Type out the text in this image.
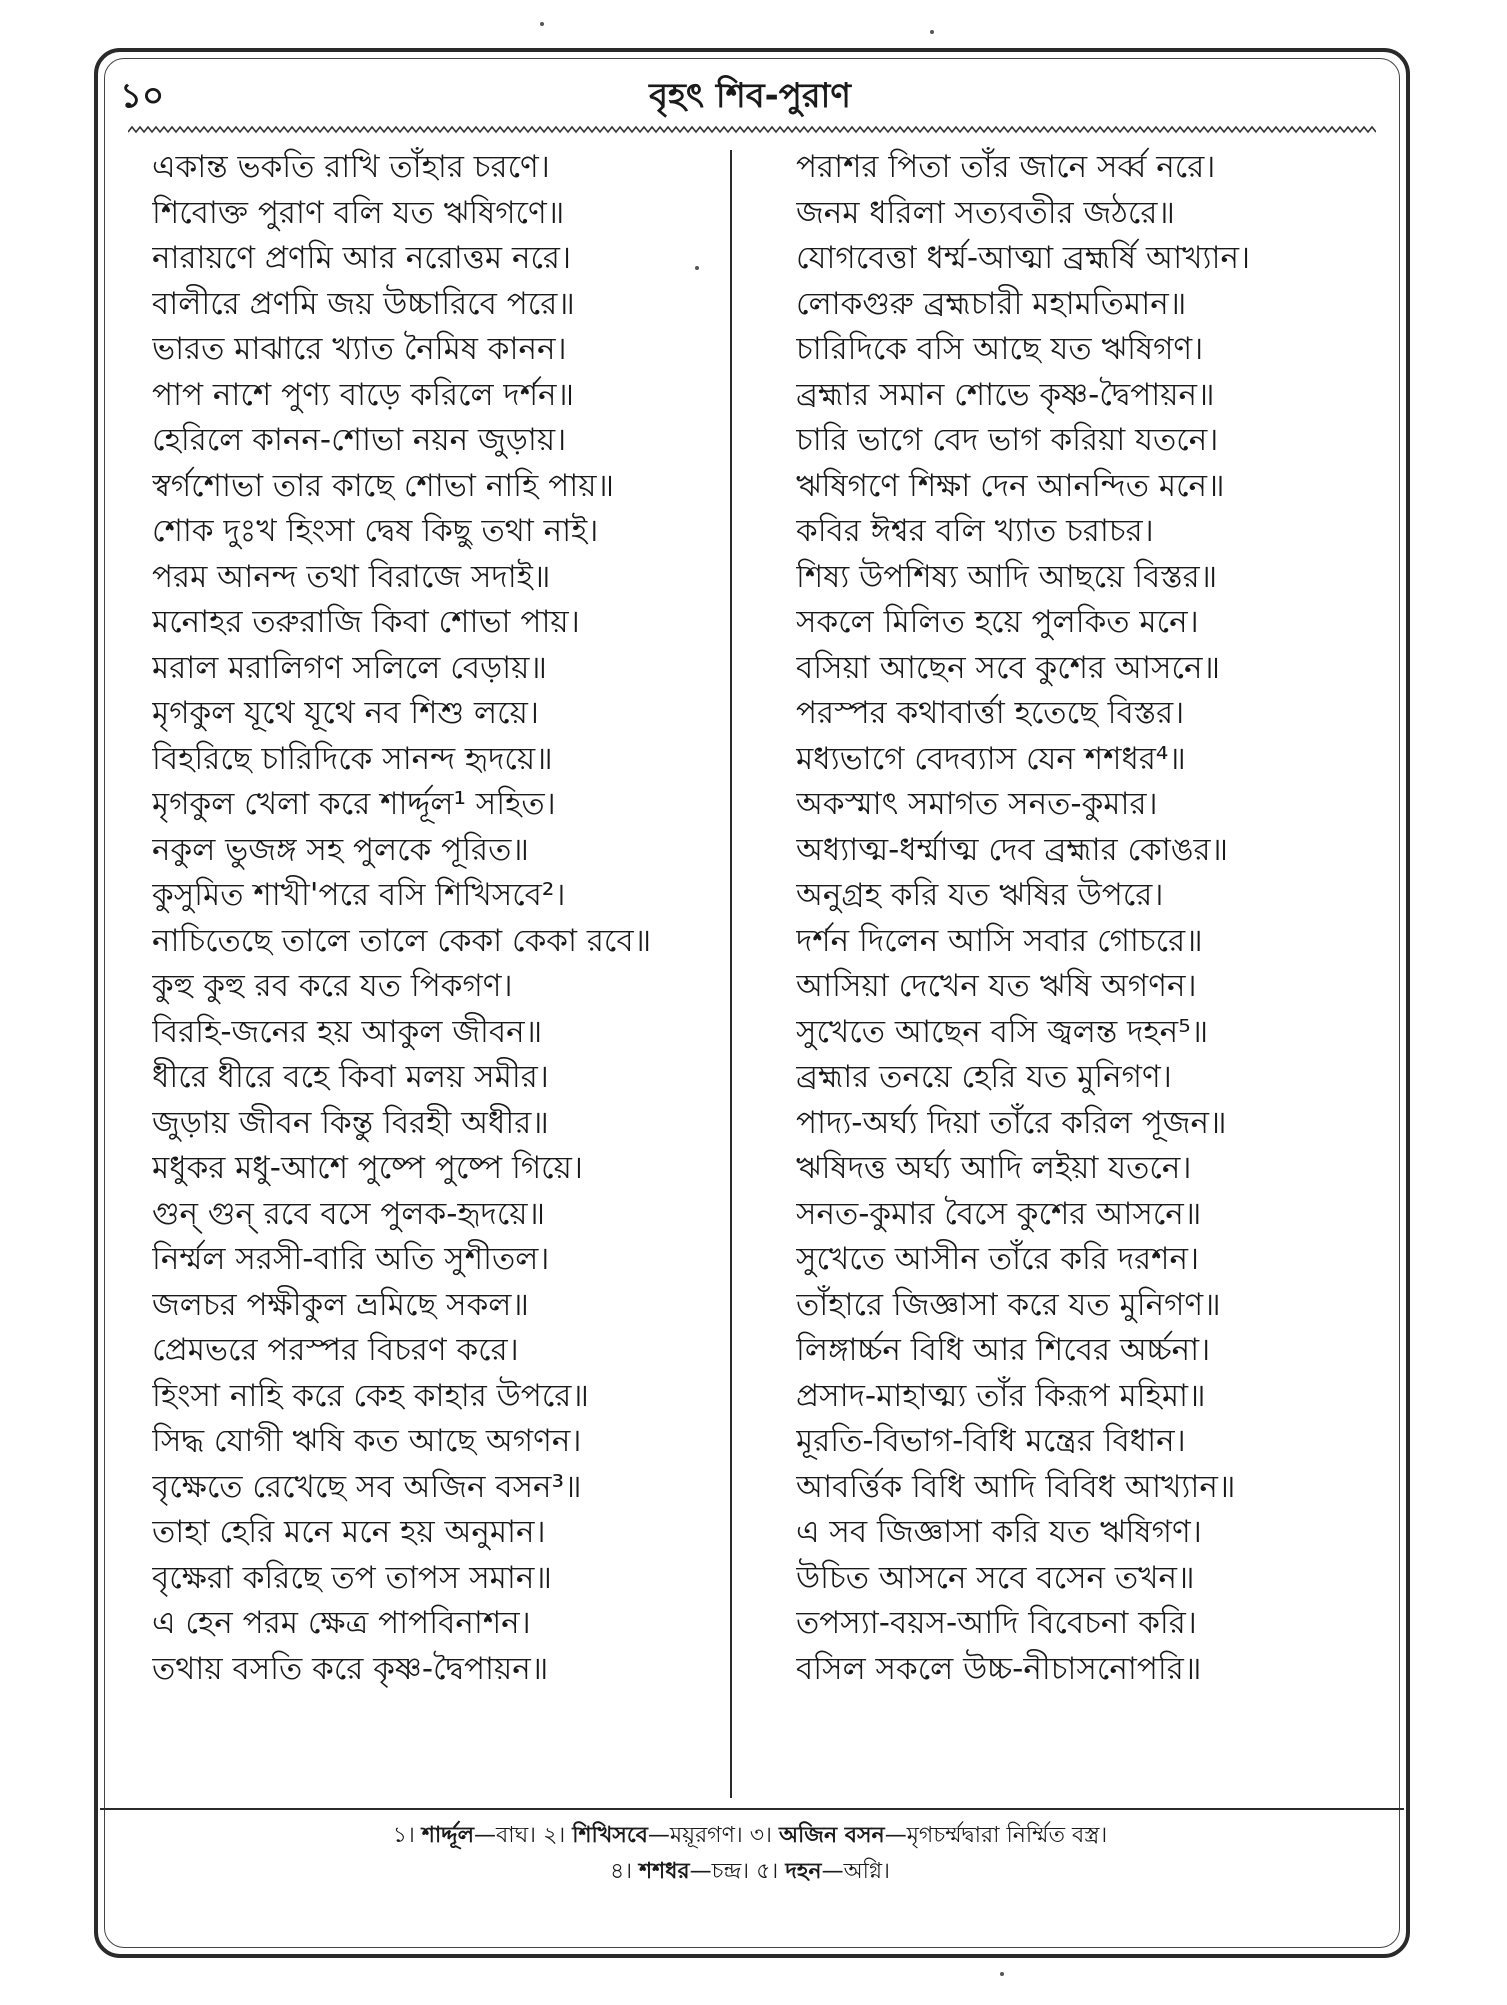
১০	বৃহৎ শিব-পুরাণ
একান্ত ভকতি রাখি তাঁহার চরণে।
শিবোক্ত পুরাণ বলি যত ঋষিগণে॥
নারায়ণে প্রণমি আর নরোত্তম নরে।
বালীরে প্রণমি জয় উচ্চারিবে পরে॥
ভারত মাঝারে খ্যাত নৈমিষ কানন।
পাপ নাশে পুণ্য বাড়ে করিলে দর্শন॥
হেরিলে কানন-শোভা নয়ন জুড়ায়।
স্বর্গশোভা তার কাছে শোভা নাহি পায়॥
শোক দুঃখ হিংসা দ্বেষ কিছু তথা নাই।
পরম আনন্দ তথা বিরাজে সদাই॥
মনোহর তরুরাজি কিবা শোভা পায়।
মরাল মরালিগণ সলিলে বেড়ায়॥
মৃগকুল যূথে যূথে নব শিশু লয়ে।
বিহরিছে চারিদিকে সানন্দ হৃদয়ে॥
মৃগকুল খেলা করে শার্দ্দূল¹ সহিত।
নকুল ভুজঙ্গ সহ পুলকে পূরিত॥
কুসুমিত শাখী'পরে বসি শিখিসবে²।
নাচিতেছে তালে তালে কেকা কেকা রবে॥
কুহু কুহু রব করে যত পিকগণ।
বিরহি-জনের হয় আকুল জীবন॥
ধীরে ধীরে বহে কিবা মলয় সমীর।
জুড়ায় জীবন কিন্তু বিরহী অধীর॥
মধুকর মধু-আশে পুষ্পে পুষ্পে গিয়ে।
গুন্ গুন্ রবে বসে পুলক-হৃদয়ে॥
নির্ম্মল সরসী-বারি অতি সুশীতল।
জলচর পক্ষীকুল ভ্রমিছে সকল॥
প্রেমভরে পরস্পর বিচরণ করে।
হিংসা নাহি করে কেহ কাহার উপরে॥
সিদ্ধ যোগী ঋষি কত আছে অগণন।
বৃক্ষেতে রেখেছে সব অজিন বসন³॥
তাহা হেরি মনে মনে হয় অনুমান।
বৃক্ষেরা করিছে তপ তাপস সমান॥
এ হেন পরম ক্ষেত্র পাপবিনাশন।
তথায় বসতি করে কৃষ্ণ-দ্বৈপায়ন॥
পরাশর পিতা তাঁর জানে সর্ব্ব নরে।
জনম ধরিলা সত্যবতীর জঠরে॥
যোগবেত্তা ধর্ম্ম-আত্মা ব্রহ্মর্ষি আখ্যান।
লোকগুরু ব্রহ্মচারী মহামতিমান॥
চারিদিকে বসি আছে যত ঋষিগণ।
ব্রহ্মার সমান শোভে কৃষ্ণ-দ্বৈপায়ন॥
চারি ভাগে বেদ ভাগ করিয়া যতনে।
ঋষিগণে শিক্ষা দেন আনন্দিত মনে॥
কবির ঈশ্বর বলি খ্যাত চরাচর।
শিষ্য উপশিষ্য আদি আছয়ে বিস্তর॥
সকলে মিলিত হয়ে পুলকিত মনে।
বসিয়া আছেন সবে কুশের আসনে॥
পরস্পর কথাবার্ত্তা হতেছে বিস্তর।
মধ্যভাগে বেদব্যাস যেন শশধর⁴॥
অকস্মাৎ সমাগত সনত-কুমার।
অধ্যাত্ম-ধর্ম্মাত্ম দেব ব্রহ্মার কোঙর॥
অনুগ্রহ করি যত ঋষির উপরে।
দর্শন দিলেন আসি সবার গোচরে॥
আসিয়া দেখেন যত ঋষি অগণন।
সুখেতে আছেন বসি জ্বলন্ত দহন⁵॥
ব্রহ্মার তনয়ে হেরি যত মুনিগণ।
পাদ্য-অর্ঘ্য দিয়া তাঁরে করিল পূজন॥
ঋষিদত্ত অর্ঘ্য আদি লইয়া যতনে।
সনত-কুমার বৈসে কুশের আসনে॥
সুখেতে আসীন তাঁরে করি দরশন।
তাঁহারে জিজ্ঞাসা করে যত মুনিগণ॥
লিঙ্গার্চ্চন বিধি আর শিবের অর্চ্চনা।
প্রসাদ-মাহাত্ম্য তাঁর কিরূপ মহিমা॥
মূরতি-বিভাগ-বিধি মন্ত্রের বিধান।
আবর্ত্তিক বিধি আদি বিবিধ আখ্যান॥
এ সব জিজ্ঞাসা করি যত ঋষিগণ।
উচিত আসনে সবে বসেন তখন॥
তপস্যা-বয়স-আদি বিবেচনা করি।
বসিল সকলে উচ্চ-নীচাসনোপরি॥
১। শার্দ্দূল—বাঘ। ২। শিখিসবে—ময়ূরগণ। ৩। অজিন বসন—মৃগচর্ম্মদ্বারা নির্ম্মিত বস্ত্র।
৪। শশধর—চন্দ্র। ৫। দহন—অগ্নি।
